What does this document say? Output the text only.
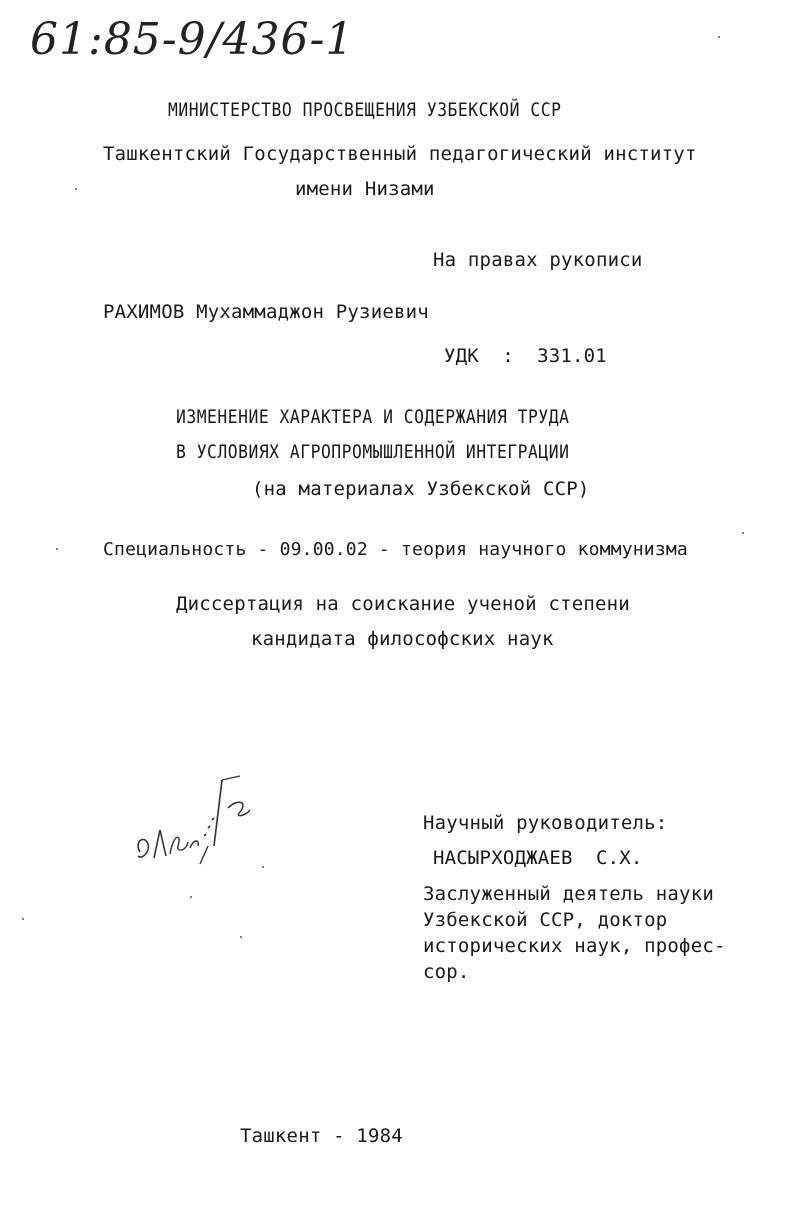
61:85-9/436-1
МИНИСТЕРСТВО ПРОСВЕЩЕНИЯ УЗБЕКСКОЙ ССР
Ташкентский Государственный педагогический институт
имени Низами
На правах рукописи
РАХИМОВ Мухаммаджон Рузиевич
УДК  :  331.01
ИЗМЕНЕНИЕ ХАРАКТЕРА И СОДЕРЖАНИЯ ТРУДА
В УСЛОВИЯХ АГРОПРОМЫШЛЕННОЙ ИНТЕГРАЦИИ
(на материалах Узбекской ССР)
Специальность - 09.00.02 - теория научного коммунизма
Диссертация на соискание ученой степени
кандидата философских наук
Научный руководитель:
НАСЫРХОДЖАЕВ  С.Х.
Заслуженный деятель науки
Узбекской ССР, доктор
исторических наук, профес-
сор.
Ташкент - 1984
